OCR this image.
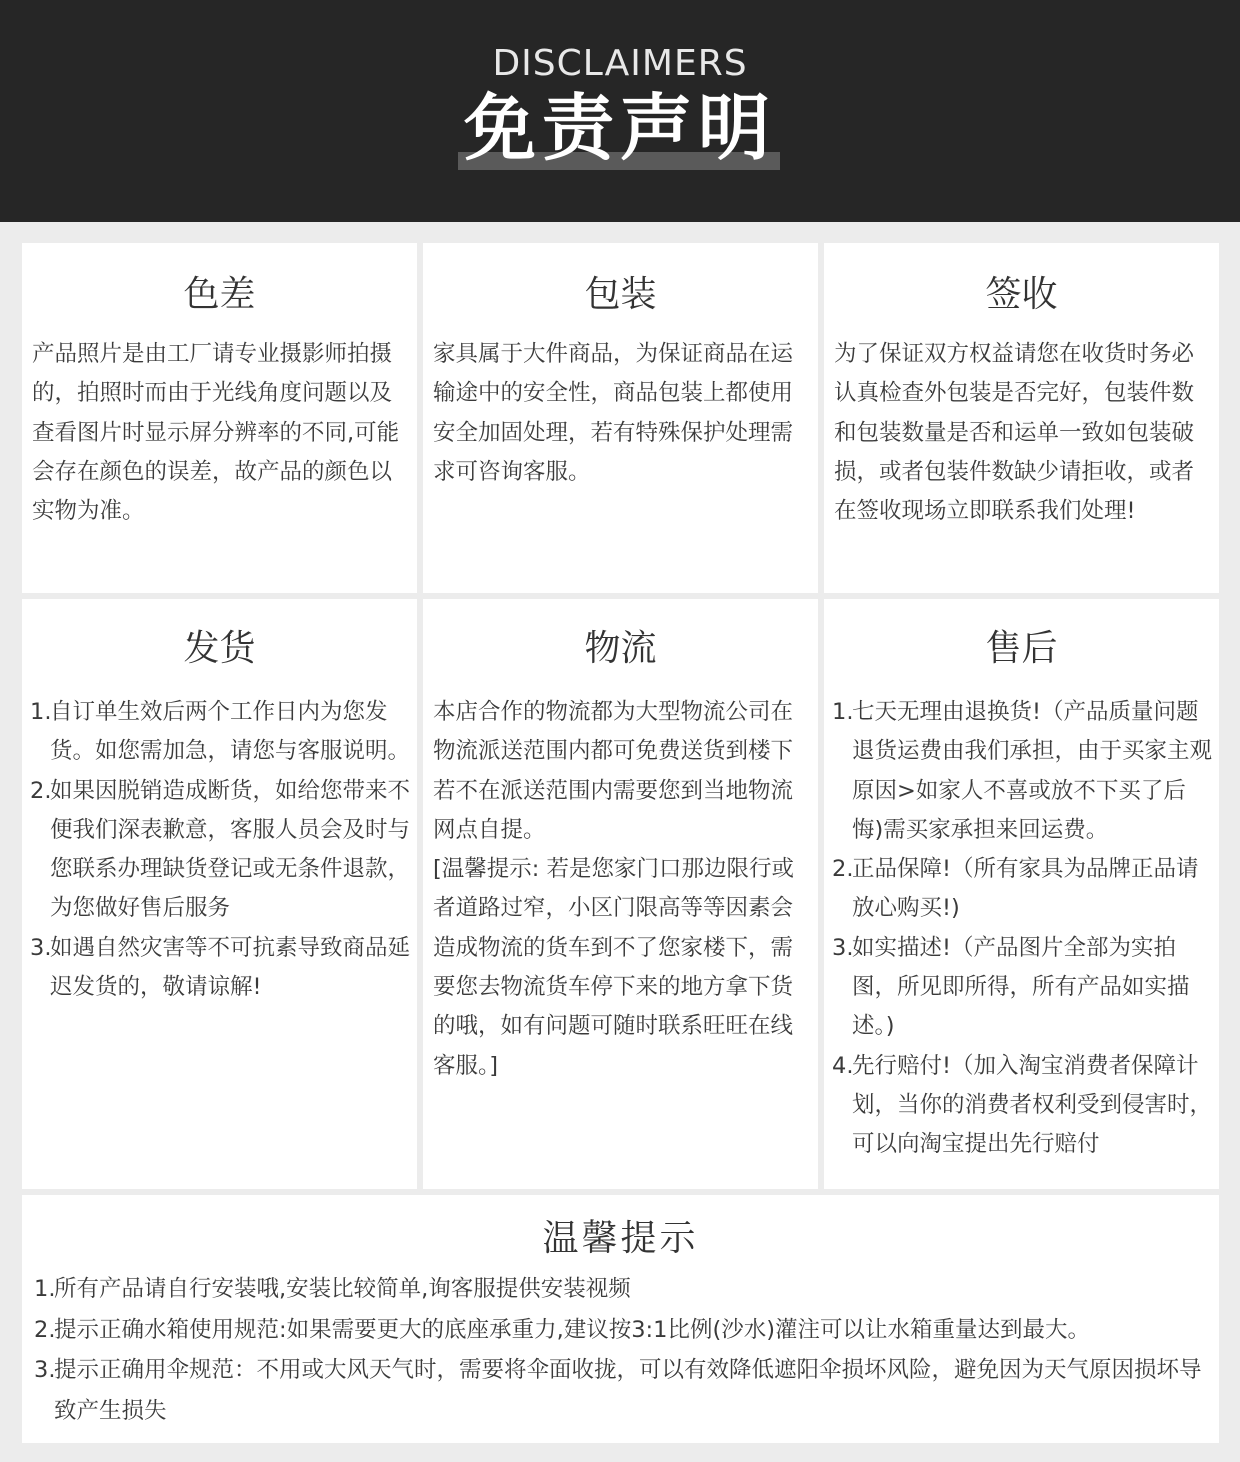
DISCLAIMERS
免责声明
色差

产品照片是由工厂请专业摄影师拍摄的，拍照时而由于光线角度问题以及查看图片时显示屏分辨率的不同,可能会存在颜色的误差，故产品的颜色以实物为准。

包装

家具属于大件商品，为保证商品在运输途中的安全性，商品包装上都使用安全加固处理，若有特殊保护处理需求可咨询客服。

签收

为了保证双方权益请您在收货时务必认真检查外包装是否完好，包装件数和包装数量是否和运单一致如包装破损，或者包装件数缺少请拒收，或者在签收现场立即联系我们处理!

发货
1.
自订单生效后两个工作日内为您发货。如您需加急，请您与客服说明。
2.
如果因脱销造成断货，如给您带来不便我们深表歉意，客服人员会及时与您联系办理缺货登记或无条件退款，为您做好售后服务
3.
如遇自然灾害等不可抗素导致商品延迟发货的，敬请谅解!
物流

本店合作的物流都为大型物流公司在物流派送范围内都可免费送货到楼下若不在派送范围内需要您到当地物流网点自提。

[温馨提示: 若是您家门口那边限行或者道路过窄，小区门限高等等因素会造成物流的货车到不了您家楼下，需要您去物流货车停下来的地方拿下货的哦，如有问题可随时联系旺旺在线客服。]

售后
1.
七天无理由退换货!（产品质量问题退货运费由我们承担，由于买家主观原因>如家人不喜或放不下买了后悔)需买家承担来回运费。
2.
正品保障!（所有家具为品牌正品请放心购买!)
3.
如实描述!（产品图片全部为实拍图，所见即所得，所有产品如实描述。)
4.
先行赔付!（加入淘宝消费者保障计划，当你的消费者权利受到侵害时，可以向淘宝提出先行赔付
温馨提示
1.
所有产品请自行安装哦,安装比较简单,询客服提供安装视频
2.
提示正确水箱使用规范:如果需要更大的底座承重力,建议按3:1比例(沙水)灌注可以让水箱重量达到最大。
3.
提示正确用伞规范：不用或大风天气时，需要将伞面收拢，可以有效降低遮阳伞损坏风险，避免因为天气原因损坏导致产生损失
